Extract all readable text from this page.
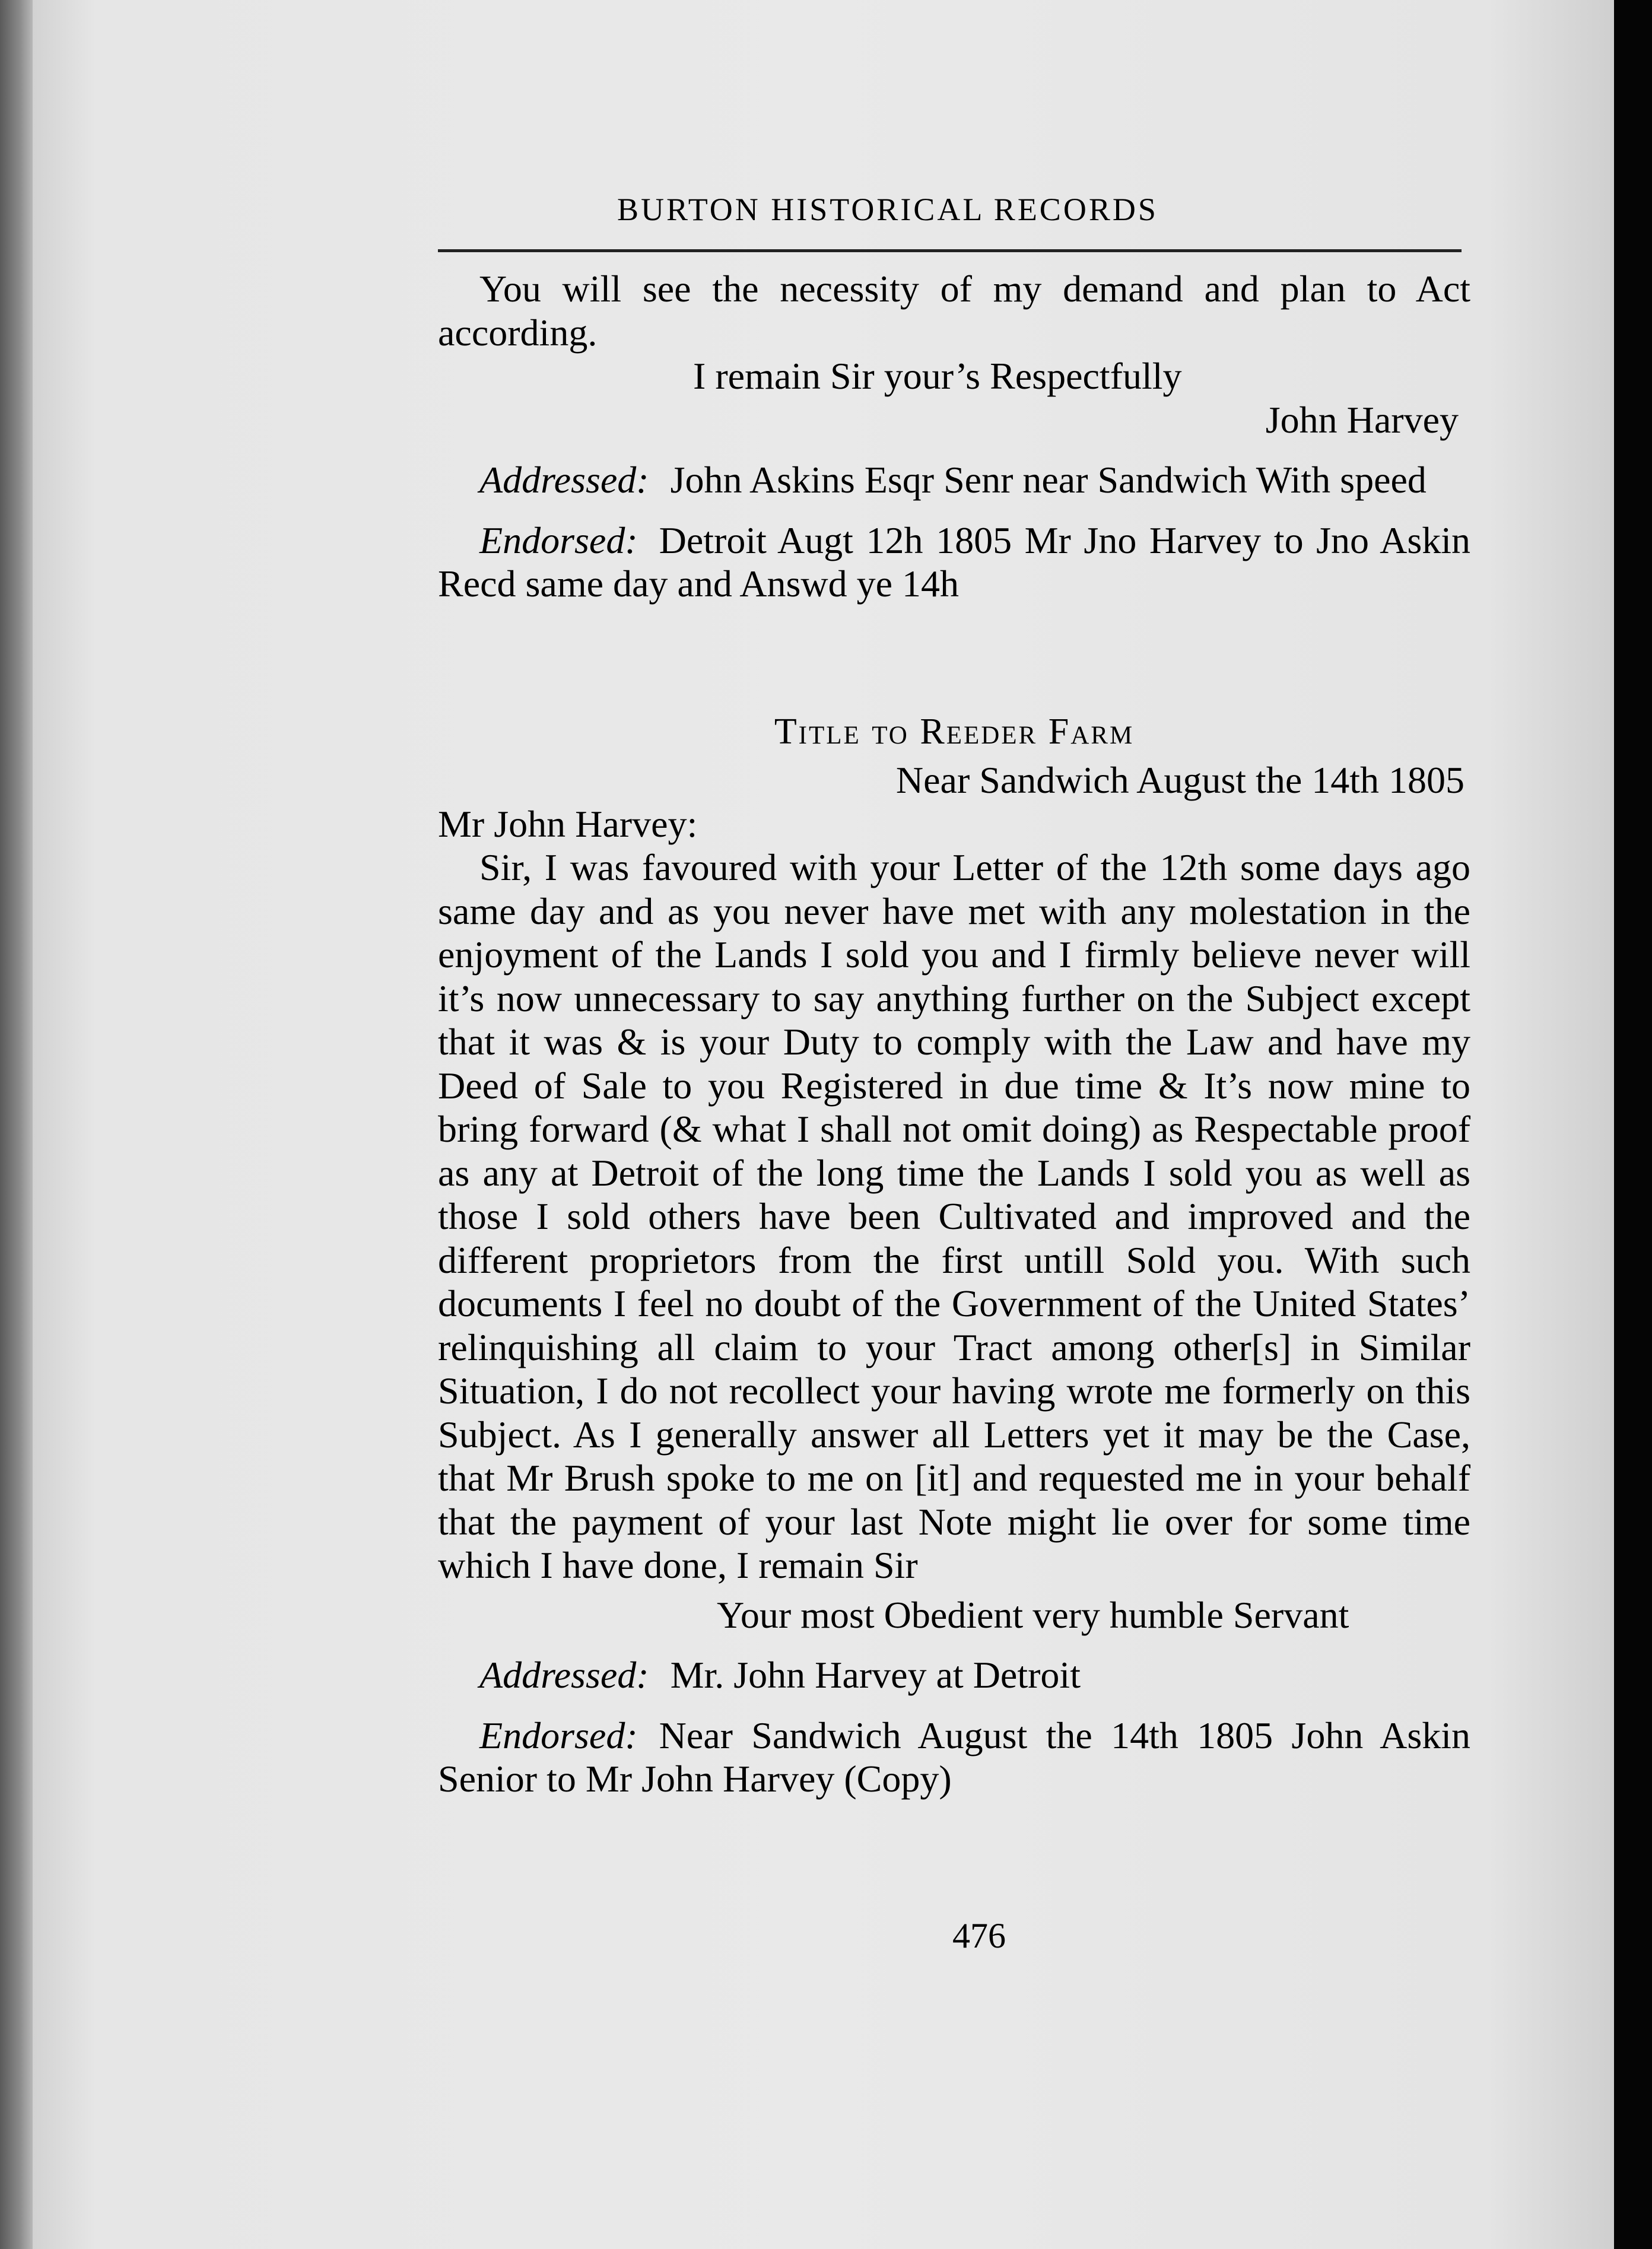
BURTON HISTORICAL RECORDS

You will see the necessity of my demand and plan to Act according.

I remain Sir your’s Respectfully

John Harvey

Addressed: John Askins Esqr Senr near Sandwich With speed

Endorsed: Detroit Augt 12h 1805 Mr Jno Harvey to Jno Askin Recd same day and Answd ye 14h

Title to Reeder Farm

Near Sandwich August the 14th 1805

Mr John Harvey:

Sir, I was favoured with your Letter of the 12th some days ago same day and as you never have met with any molestation in the enjoyment of the Lands I sold you and I firmly believe never will it’s now unnecessary to say anything further on the Subject except that it was & is your Duty to comply with the Law and have my Deed of Sale to you Registered in due time & It’s now mine to bring forward (& what I shall not omit doing) as Respectable proof as any at Detroit of the long time the Lands I sold you as well as those I sold others have been Cultivated and improved and the different proprietors from the first untill Sold you. With such documents I feel no doubt of the Government of the United States’ relinquishing all claim to your Tract among other[s] in Similar Situation, I do not recollect your having wrote me formerly on this Subject. As I generally answer all Letters yet it may be the Case, that Mr Brush spoke to me on [it] and requested me in your behalf that the payment of your last Note might lie over for some time which I have done, I remain Sir

Your most Obedient very humble Servant

Addressed: Mr. John Harvey at Detroit

Endorsed: Near Sandwich August the 14th 1805 John Askin Senior to Mr John Harvey (Copy)

476
